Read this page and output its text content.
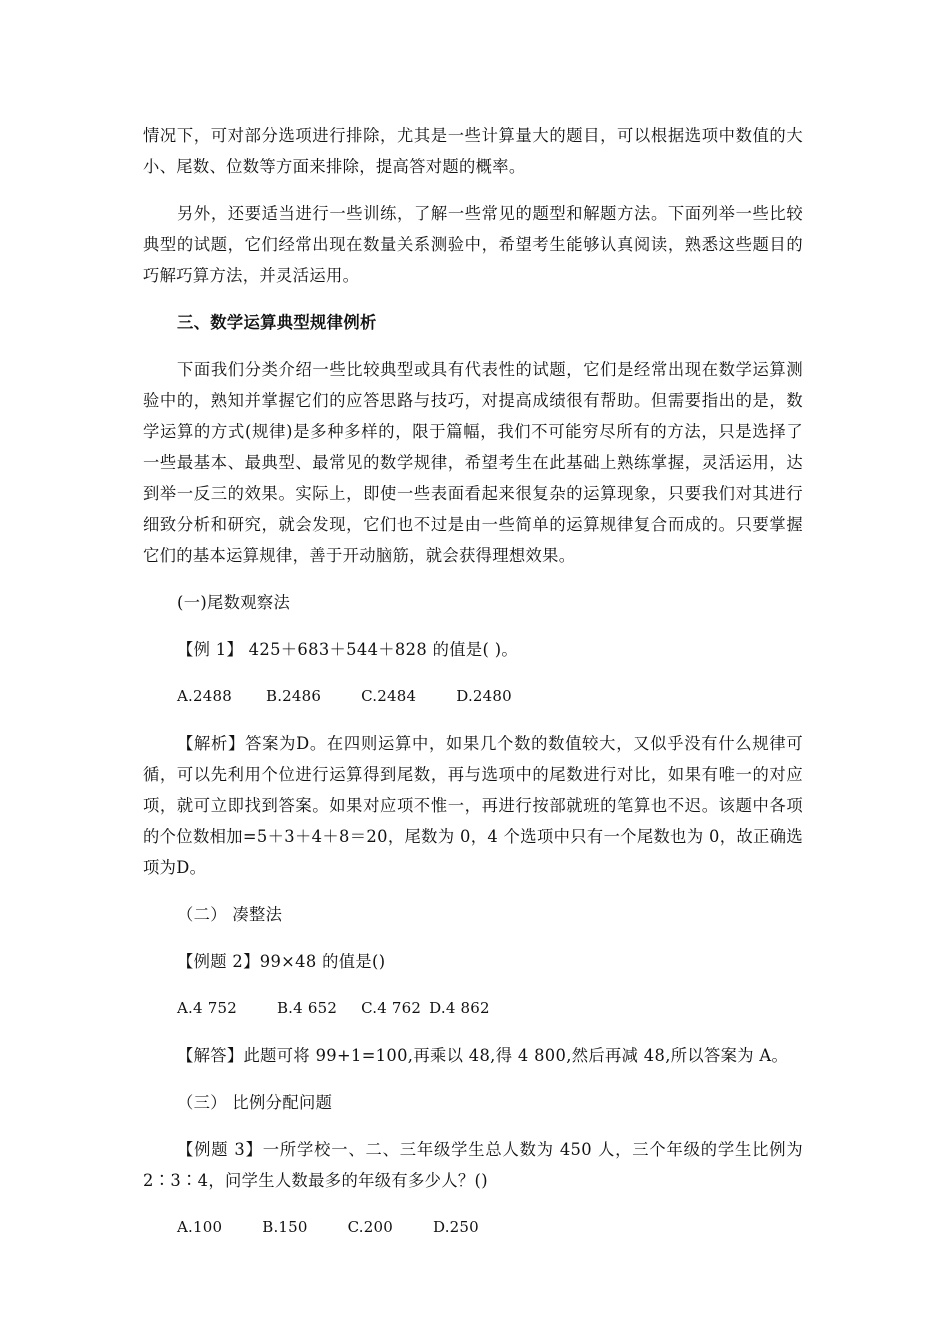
情况下，可对部分选项进行排除，尤其是一些计算量大的题目，可以根据选项中数值的大小、尾数、位数等方面来排除，提高答对题的概率。

另外，还要适当进行一些训练，了解一些常见的题型和解题方法。下面列举一些比较典型的试题，它们经常出现在数量关系测验中，希望考生能够认真阅读，熟悉这些题目的巧解巧算方法，并灵活运用。

三、数学运算典型规律例析

下面我们分类介绍一些比较典型或具有代表性的试题，它们是经常出现在数学运算测验中的，熟知并掌握它们的应答思路与技巧，对提高成绩很有帮助。但需要指出的是，数学运算的方式(规律)是多种多样的，限于篇幅，我们不可能穷尽所有的方法，只是选择了一些最基本、最典型、最常见的数学规律，希望考生在此基础上熟练掌握，灵活运用，达到举一反三的效果。实际上，即使一些表面看起来很复杂的运算现象，只要我们对其进行细致分析和研究，就会发现，它们也不过是由一些简单的运算规律复合而成的。只要掌握它们的基本运算规律，善于开动脑筋，就会获得理想效果。

(一)尾数观察法

【例 1】 425＋683＋544＋828 的值是( )。

A.2488 B.2486	C.2484	D.2480

【解析】答案为D。在四则运算中，如果几个数的数值较大，又似乎没有什么规律可循，可以先利用个位进行运算得到尾数，再与选项中的尾数进行对比，如果有唯一的对应项，就可立即找到答案。如果对应项不惟一，再进行按部就班的笔算也不迟。该题中各项的个位数相加=5＋3＋4＋8＝20，尾数为 0，4 个选项中只有一个尾数也为 0，故正确选项为D。

（二） 凑整法

【例题 2】99×48 的值是()

A.4 752	B.4 652 C.4 762 D.4 862

【解答】此题可将 99+1=100,再乘以 48,得 4 800,然后再减 48,所以答案为 A。

（三） 比例分配问题

【例题 3】一所学校一、二、三年级学生总人数为 450 人，三个年级的学生比例为2∶3∶4，问学生人数最多的年级有多少人？()

A.100	B.150	C.200	D.250
